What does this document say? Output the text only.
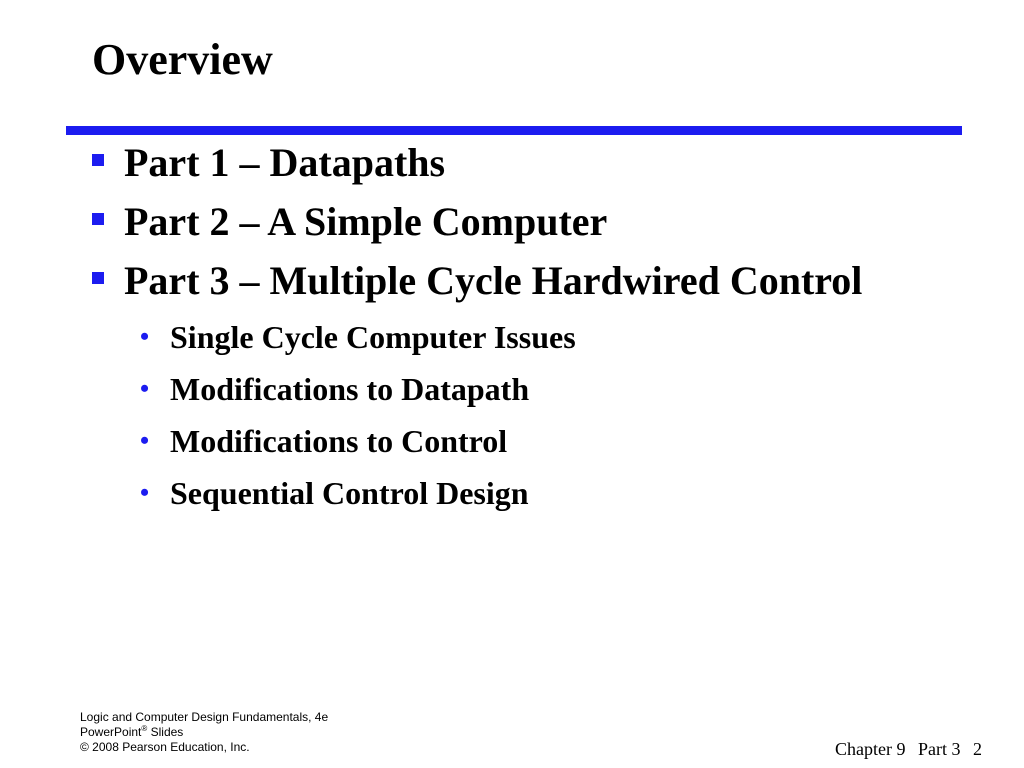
Overview
Part 1 – Datapaths
Part 2 – A Simple Computer
Part 3 – Multiple Cycle Hardwired Control
• Single Cycle Computer Issues
• Modifications to Datapath
• Modifications to Control
• Sequential Control Design
Logic and Computer Design Fundamentals, 4e
PowerPoint® Slides
© 2008 Pearson Education, Inc.	Chapter 9 Part 3 2
